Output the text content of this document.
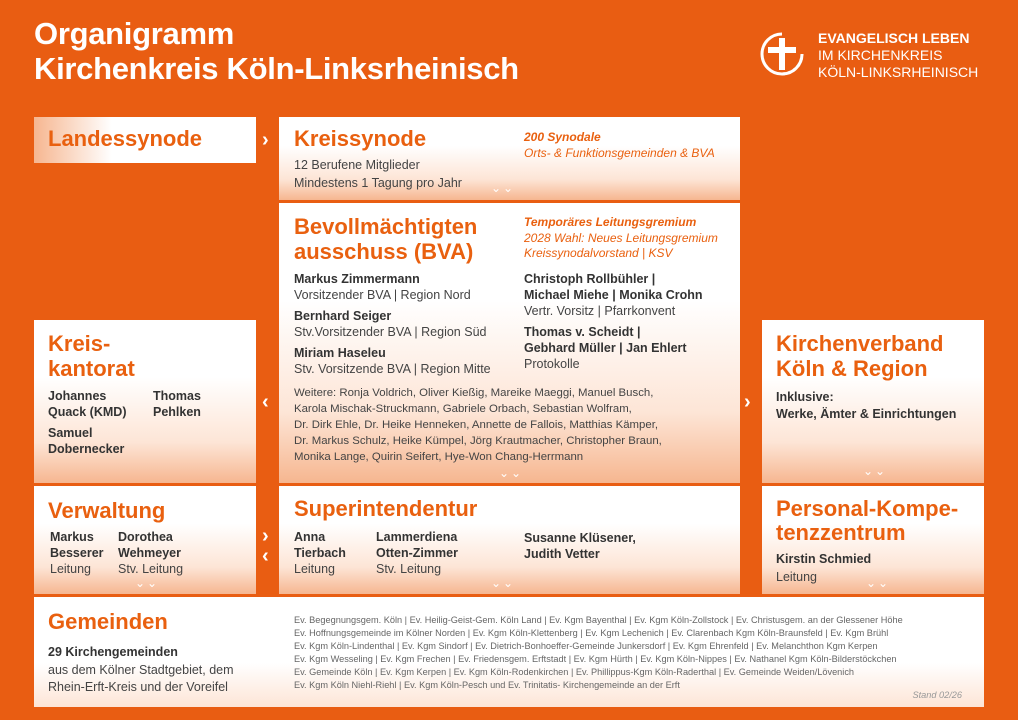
Organigramm
Kirchenkreis Köln-Linksrheinisch
EVANGELISCH LEBEN
IM KIRCHENKREIS
KÖLN-LINKSRHEINISCH
Landessynode	› Kreissynode
12 Berufene Mitglieder
Mindestens 1 Tagung pro Jahr
200 Synodale
Orts- & Funktionsgemeinden & BVA
⌄⌄
Bevollmächtigten
ausschuss (BVA)
Temporäres Leitungsgremium
2028 Wahl: Neues Leitungsgremium
Kreissynodalvorstand | KSV
Markus Zimmermann
Vorsitzender BVA | Region Nord
Bernhard Seiger
Stv.Vorsitzender BVA | Region Süd
Miriam Haseleu
Stv. Vorsitzende BVA | Region Mitte
Christoph Rollbühler |
Michael Miehe | Monika Crohn
Vertr. Vorsitz | Pfarrkonvent
Thomas v. Scheidt |
Gebhard Müller | Jan Ehlert
Protokolle
Weitere: Ronja Voldrich, Oliver Kießig, Mareike Maeggi, Manuel Busch,
Karola Mischak-Struckmann, Gabriele Orbach, Sebastian Wolfram,
Dr. Dirk Ehle, Dr. Heike Henneken, Annette de Fallois, Matthias Kämper,
Dr. Markus Schulz, Heike Kümpel, Jörg Krautmacher, Christopher Braun,
Monika Lange, Quirin Seifert, Hye-Won Chang-Herrmann
⌄⌄
Kreis-
kantorat
Johannes
Quack (KMD)
Thomas
Pehlken
Samuel
Dobernecker
‹
Kirchenverband
Köln & Region
Inklusive:
Werke, Ämter & Einrichtungen
⌄⌄
›
Verwaltung
Markus
Besserer
Leitung
Dorothea
Wehmeyer
Stv. Leitung
⌄⌄
›
‹
Superintendentur
Anna
Tierbach
Leitung
Lammerdiena
Otten-Zimmer
Stv. Leitung
Susanne Klüsener,
Judith Vetter
⌄⌄
Personal-Kompe-
tenzzentrum
Kirstin Schmied
Leitung	⌄⌄
Gemeinden
29 Kirchengemeinden
aus dem Kölner Stadtgebiet, dem
Rhein-Erft-Kreis und der Voreifel
Ev. Begegnungsgem. Köln | Ev. Heilig-Geist-Gem. Köln Land | Ev. Kgm Bayenthal | Ev. Kgm Köln-Zollstock | Ev. Christusgem. an der Glessener Höhe
Ev. Hoffnungsgemeinde im Kölner Norden | Ev. Kgm Köln-Klettenberg | Ev. Kgm Lechenich | Ev. Clarenbach Kgm Köln-Braunsfeld | Ev. Kgm Brühl
Ev. Kgm Köln-Lindenthal | Ev. Kgm Sindorf | Ev. Dietrich-Bonhoeffer-Gemeinde Junkersdorf | Ev. Kgm Ehrenfeld | Ev. Melanchthon Kgm Kerpen
Ev. Kgm Wesseling | Ev. Kgm Frechen | Ev. Friedensgem. Erftstadt | Ev. Kgm Hürth | Ev. Kgm Köln-Nippes | Ev. Nathanel Kgm Köln-Bilderstöckchen
Ev. Gemeinde Köln | Ev. Kgm Kerpen | Ev. Kgm Köln-Rodenkirchen | Ev. Phillippus-Kgm Köln-Raderthal | Ev. Gemeinde Weiden/Lövenich
Ev. Kgm Köln Niehl-Riehl | Ev. Kgm Köln-Pesch und Ev. Trinitatis- Kirchengemeinde an der Erft
Stand 02/26
